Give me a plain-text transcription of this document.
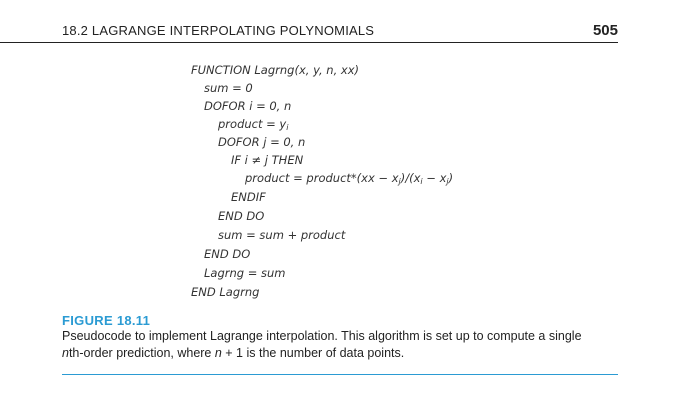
18.2 LAGRANGE INTERPOLATING POLYNOMIALS	505
FUNCTION Lagrng(x, y, n, xx)
sum = 0
DOFOR i = 0, n
product = $y_i$
DOFOR j = 0, n
IF i ≠ j THEN
product = product*(xx − $x_j)/(x_i - x_j)$
ENDIF
END DO
sum = sum + product
END DO
Lagrng = sum
END Lagrng
FIGURE 18.11
Pseudocode to implement Lagrange interpolation. This algorithm is set up to compute a single
nth-order prediction, where n + 1 is the number of data points.
